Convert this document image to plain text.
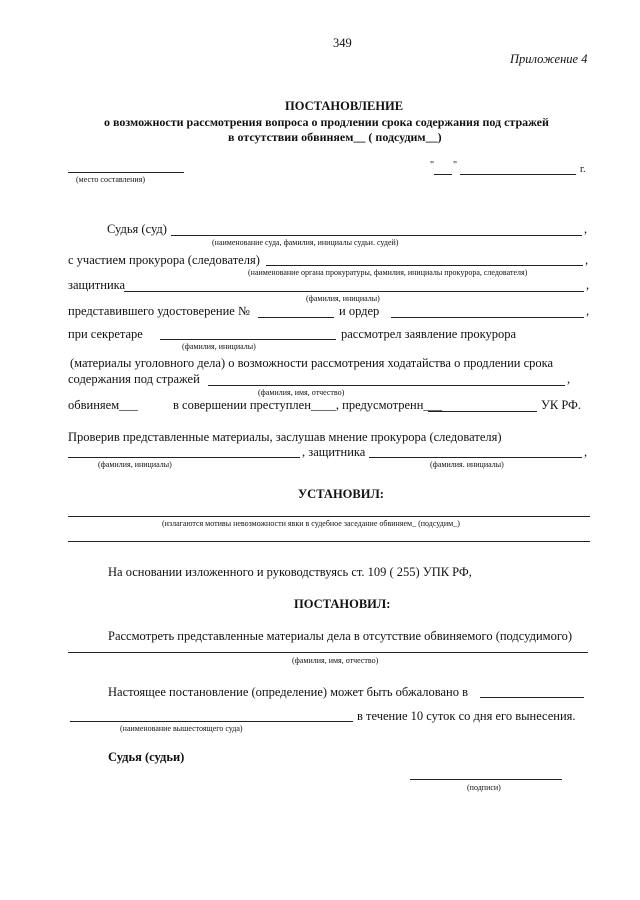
349
Приложение 4
ПОСТАНОВЛЕНИЕ
о возможности рассмотрения вопроса о продлении срока содержания под стражей
в отсутствии обвиняем__ ( подсудим__)
(место составления)
" "	г.
Судья (суд)	,
(наименование суда, фамилия, инициалы судьи. судей)
с участием прокурора (следователя)	,
(наименование органа прокуратуры, фамилия, инициалы прокурора, следователя)
защитника	,
(фамилия, инициалы)
представившего удостоверение №	и ордер	,
при секретаре	рассмотрел заявление прокурора
(фамилия, инициалы)
(материалы уголовного дела) о возможности рассмотрения ходатайства о продлении срока
содержания под стражей	,
(фамилия, имя, отчество)
обвиняем___	в совершении преступлен____, предусмотренн___	УК РФ.
Проверив представленные материалы, заслушав мнение прокурора (следователя)
, защитника	,
(фамилия, инициалы)	(фамилия. инициалы)
УСТАНОВИЛ:
(излагаются мотивы невозможности явки в судебное заседание обвиняем_ (подсудим_)
На основании изложенного и руководствуясь ст. 109 ( 255) УПК РФ,
ПОСТАНОВИЛ:
Рассмотреть представленные материалы дела в отсутствие обвиняемого (подсудимого)
(фамилия, имя, отчество)
Настоящее постановление (определение) может быть обжаловано в
в течение 10 суток со дня его вынесения.
(наименование вышестоящего суда)
Судья (судьи)
(подписи)
